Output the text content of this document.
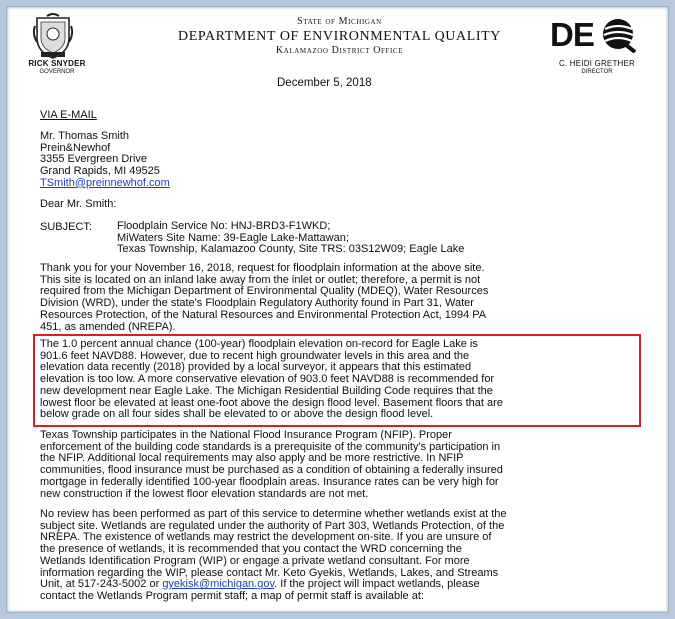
RICK SNYDER
GOVERNOR
State of Michigan
DEPARTMENT OF ENVIRONMENTAL QUALITY
Kalamazoo District Office	DE
C. HEIDI GRETHER
DIRECTOR
December 5, 2018
VIA E-MAIL
Mr. Thomas Smith
Prein&Newhof
3355 Evergreen Drive
Grand Rapids, MI 49525
TSmith@preinnewhof.com
Dear Mr. Smith:
SUBJECT: Floodplain Service No: HNJ-BRD3-F1WKD;
MiWaters Site Name: 39-Eagle Lake-Mattawan;
Texas Township, Kalamazoo County, Site TRS: 03S12W09; Eagle Lake
Thank you for your November 16, 2018, request for floodplain information at the above site.
This site is located on an inland lake away from the inlet or outlet; therefore, a permit is not
required from the Michigan Department of Environmental Quality (MDEQ), Water Resources
Division (WRD), under the state's Floodplain Regulatory Authority found in Part 31, Water
Resources Protection, of the Natural Resources and Environmental Protection Act, 1994 PA
451, as amended (NREPA).
The 1.0 percent annual chance (100-year) floodplain elevation on-record for Eagle Lake is
901.6 feet NAVD88. However, due to recent high groundwater levels in this area and the
elevation data recently (2018) provided by a local surveyor, it appears that this estimated
elevation is too low. A more conservative elevation of 903.0 feet NAVD88 is recommended for
new development near Eagle Lake. The Michigan Residential Building Code requires that the
lowest floor be elevated at least one-foot above the design flood level. Basement floors that are
below grade on all four sides shall be elevated to or above the design flood level.
Texas Township participates in the National Flood Insurance Program (NFIP). Proper
enforcement of the building code standards is a prerequisite of the community's participation in
the NFIP. Additional local requirements may also apply and be more restrictive. In NFIP
communities, flood insurance must be purchased as a condition of obtaining a federally insured
mortgage in federally identified 100-year floodplain areas. Insurance rates can be very high for
new construction if the lowest floor elevation standards are not met.
No review has been performed as part of this service to determine whether wetlands exist at the
subject site. Wetlands are regulated under the authority of Part 303, Wetlands Protection, of the
NREPA. The existence of wetlands may restrict the development on-site. If you are unsure of
the presence of wetlands, it is recommended that you contact the WRD concerning the
Wetlands Identification Program (WIP) or engage a private wetland consultant. For more
information regarding the WIP, please contact Mr. Keto Gyekis, Wetlands, Lakes, and Streams
Unit, at 517-243-5002 or gyekisk@michigan.gov. If the project will impact wetlands, please
contact the Wetlands Program permit staff; a map of permit staff is available at:
